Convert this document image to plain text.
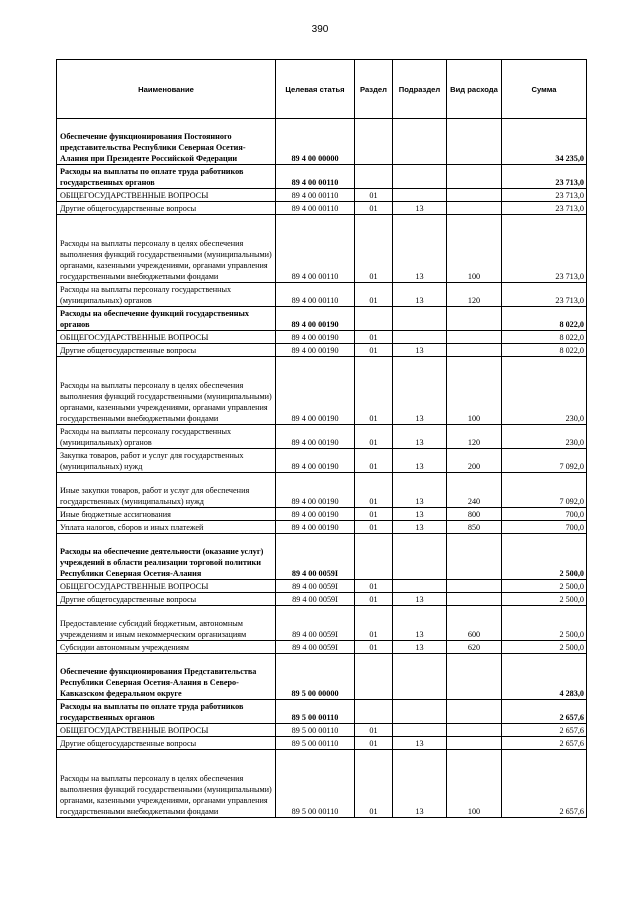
390
Наименование	Целевая статья	Раздел	Подраздел	Вид расхода	Сумма
Обеспечение функционирования Постоянного представительства Республики Северная Осетия-Алания при Президенте Российской Федерации	89 4 00 00000				34 235,0
Расходы на выплаты по оплате труда работников государственных органов	89 4 00 00110				23 713,0
ОБЩЕГОСУДАРСТВЕННЫЕ ВОПРОСЫ	89 4 00 00110	01			23 713,0
Другие общегосударственные вопросы	89 4 00 00110	01	13		23 713,0
Расходы на выплаты персоналу в целях обеспечения выполнения функций государственными (муниципальными) органами, казенными учреждениями, органами управления государственными внебюджетными фондами	89 4 00 00110	01	13	100	23 713,0
Расходы на выплаты персоналу государственных (муниципальных) органов	89 4 00 00110	01	13	120	23 713,0
Расходы на обеспечение функций государственных органов	89 4 00 00190				8 022,0
ОБЩЕГОСУДАРСТВЕННЫЕ ВОПРОСЫ	89 4 00 00190	01			8 022,0
Другие общегосударственные вопросы	89 4 00 00190	01	13		8 022,0
Расходы на выплаты персоналу в целях обеспечения выполнения функций государственными (муниципальными) органами, казенными учреждениями, органами управления государственными внебюджетными фондами	89 4 00 00190	01	13	100	230,0
Расходы на выплаты персоналу государственных (муниципальных) органов	89 4 00 00190	01	13	120	230,0
Закупка товаров, работ и услуг для государственных (муниципальных) нужд	89 4 00 00190	01	13	200	7 092,0
Иные закупки товаров, работ и услуг для обеспечения государственных (муниципальных) нужд	89 4 00 00190	01	13	240	7 092,0
Иные бюджетные ассигнования	89 4 00 00190	01	13	800	700,0
Уплата налогов, сборов и иных платежей	89 4 00 00190	01	13	850	700,0
Расходы на обеспечение деятельности (оказание услуг) учреждений в области реализации торговой политики Республики Северная Осетия-Алания	89 4 00 0059I				2 500,0
ОБЩЕГОСУДАРСТВЕННЫЕ ВОПРОСЫ	89 4 00 0059I	01			2 500,0
Другие общегосударственные вопросы	89 4 00 0059I	01	13		2 500,0
Предоставление субсидий бюджетным, автономным учреждениям и иным некоммерческим организациям	89 4 00 0059I	01	13	600	2 500,0
Субсидии автономным учреждениям	89 4 00 0059I	01	13	620	2 500,0
Обеспечение функционирования Представительства Республики Северная Осетия-Алания в Северо-Кавказском федеральном округе	89 5 00 00000				4 283,0
Расходы на выплаты по оплате труда работников государственных органов	89 5 00 00110				2 657,6
ОБЩЕГОСУДАРСТВЕННЫЕ ВОПРОСЫ	89 5 00 00110	01			2 657,6
Другие общегосударственные вопросы	89 5 00 00110	01	13		2 657,6
Расходы на выплаты персоналу в целях обеспечения выполнения функций государственными (муниципальными) органами, казенными учреждениями, органами управления государственными внебюджетными фондами	89 5 00 00110	01	13	100	2 657,6
